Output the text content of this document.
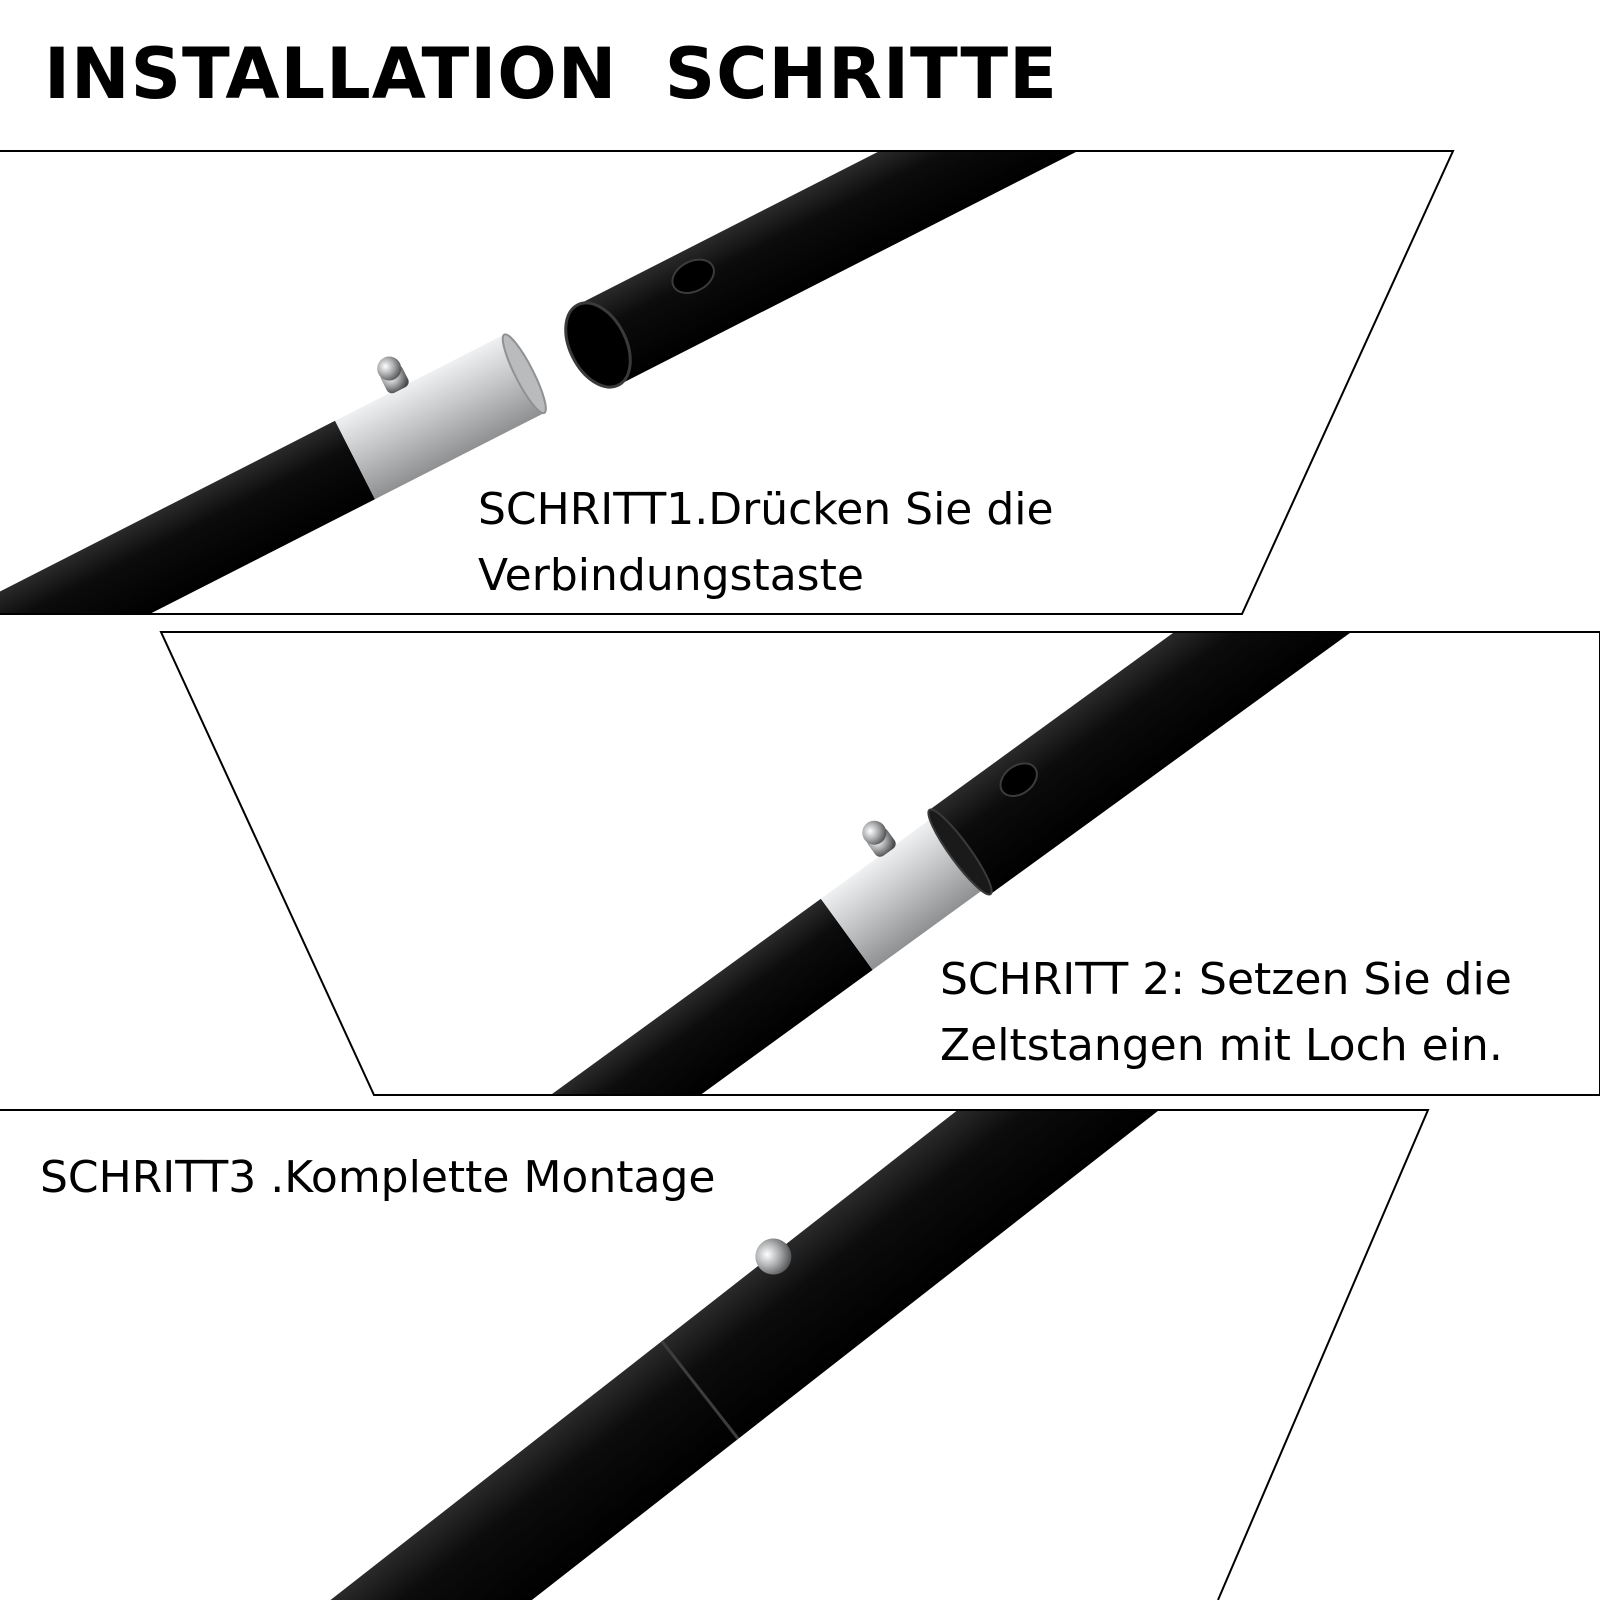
INSTALLATION SCHRITTE
SCHRITT1.Drücken Sie die
Verbindungstaste
SCHRITT 2: Setzen Sie die
Zeltstangen mit Loch ein.
SCHRITT3 .Komplette Montage
